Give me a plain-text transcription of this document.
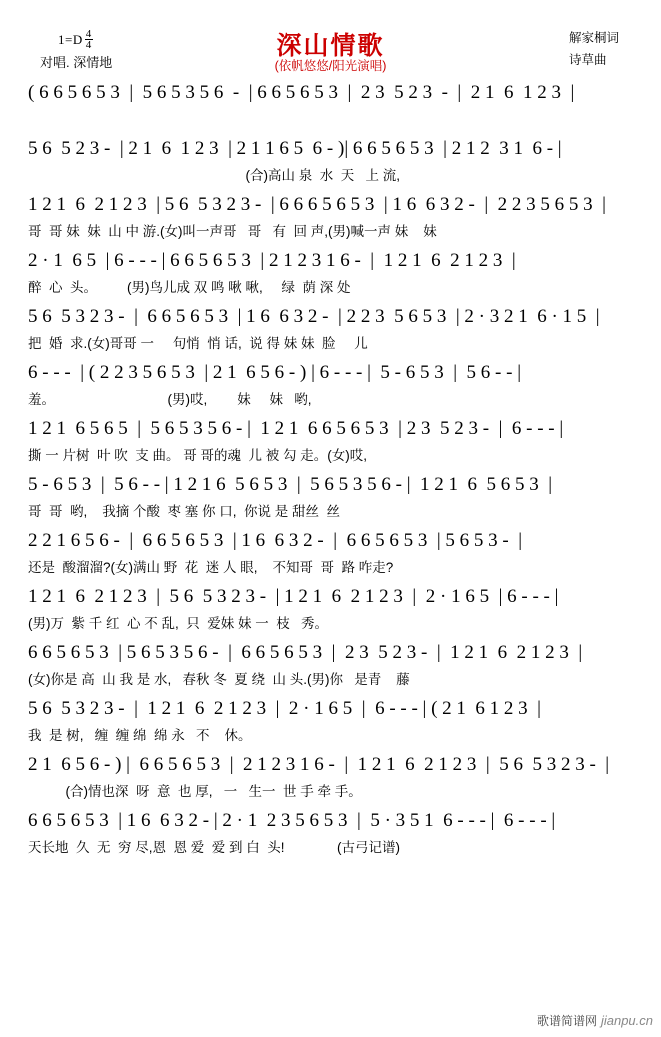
$1=D \frac{4}{4}$
对唱. 深情地
深山情歌
(依帆悠悠/阳光演唱)
解家桐词
诗草曲
( 6 6 5 6 5 3  |  5 6 5 3 5 6  -  | 6 6 5 6 5 3  |  2 3  5 2 3  -  |  2 1  6  1 2 3  |
5 6  5 2 3 -  | 2 1  6  1 2 3  | 2 1 1 6 5  6 - )| 6 6 5 6 5 3  | 2 1 2  3 1  6 - |
(合)高山 泉  水  天   上 流,
1 2 1  6  2 1 2 3  | 5 6  5 3 2 3 -  | 6 6 6 5 6 5 3  | 1 6  6 3 2 -  |  2 2 3 5 6 5 3  |
哥  哥 妹  妹  山 中 游.(女)叫一声哥   哥   有  回 声,(男)喊一声 妹    妹
2 · 1  6 5  | 6 - - - | 6 6 5 6 5 3  | 2 1 2 3 1 6 -  |  1 2 1  6  2 1 2 3  |
醉  心  头。        (男)鸟儿成 双 鸣 啾 啾,     绿  荫 深 处
5 6  5 3 2 3 -  |  6 6 5 6 5 3  | 1 6  6 3 2 -  | 2 2 3  5 6 5 3  | 2 · 3 2 1  6 · 1 5  |
把  婚  求.(女)哥哥 一     句悄  悄 话,  说 得 妹 妹  脸     儿
6 - - -  | ( 2 2 3 5 6 5 3  | 2 1  6 5 6 - ) | 6 - - - |  5 - 6 5 3  |  5 6 - - |
羞。                              (男)哎,        妹     妹   哟,
1 2 1  6 5 6 5  |  5 6 5 3 5 6 - |  1 2 1  6 6 5 6 5 3  | 2 3  5 2 3 -  |  6 - - - |
撕 一 片树  叶 吹  支 曲。 哥 哥的魂  儿 被 勾 走。(女)哎,
5 - 6 5 3  |  5 6 - - | 1 2 1 6  5 6 5 3  |  5 6 5 3 5 6 - |  1 2 1  6  5 6 5 3  |
哥  哥  哟,    我摘 个酸  枣 塞 你 口,  你说 是 甜丝  丝
2 2 1 6 5 6 -  |  6 6 5 6 5 3  | 1 6  6 3 2 -  |  6 6 5 6 5 3  | 5 6 5 3 -  |
还是  酸溜溜?(女)满山 野  花  迷 人 眼,    不知哥  哥  路 咋走?
1 2 1  6  2 1 2 3  |  5 6  5 3 2 3 -  | 1 2 1  6  2 1 2 3  |  2 · 1 6 5  | 6 - - - |
(男)万  紫 千 红  心 不 乱,  只  爱妹 妹 一  枝   秀。
6 6 5 6 5 3  | 5 6 5 3 5 6 -  |  6 6 5 6 5 3  |  2 3  5 2 3 -  |  1 2 1  6  2 1 2 3  |
(女)你是 高  山 我 是 水,   春秋 冬  夏 绕  山 头.(男)你   是青    藤
5 6  5 3 2 3 -  |  1 2 1  6  2 1 2 3  |  2 · 1 6 5  |  6 - - - | ( 2 1  6 1 2 3  |
我  是 树,   缠  缠 绵  绵 永   不    休。
2 1  6 5 6 - ) |  6 6 5 6 5 3  |  2 1 2 3 1 6 -  |  1 2 1  6  2 1 2 3  |  5 6  5 3 2 3 -  |
(合)情也深  呀  意  也 厚,   一   生一  世 手 牵 手。
6 6 5 6 5 3  | 1 6  6 3 2 - | 2 · 1  2 3 5 6 5 3  |  5 · 3 5 1  6 - - - |  6 - - - |
天长地  久  无  穷 尽,恩  恩 爱  爱 到 白  头!              (古弓记谱)
歌谱简谱网 jianpu.cn
